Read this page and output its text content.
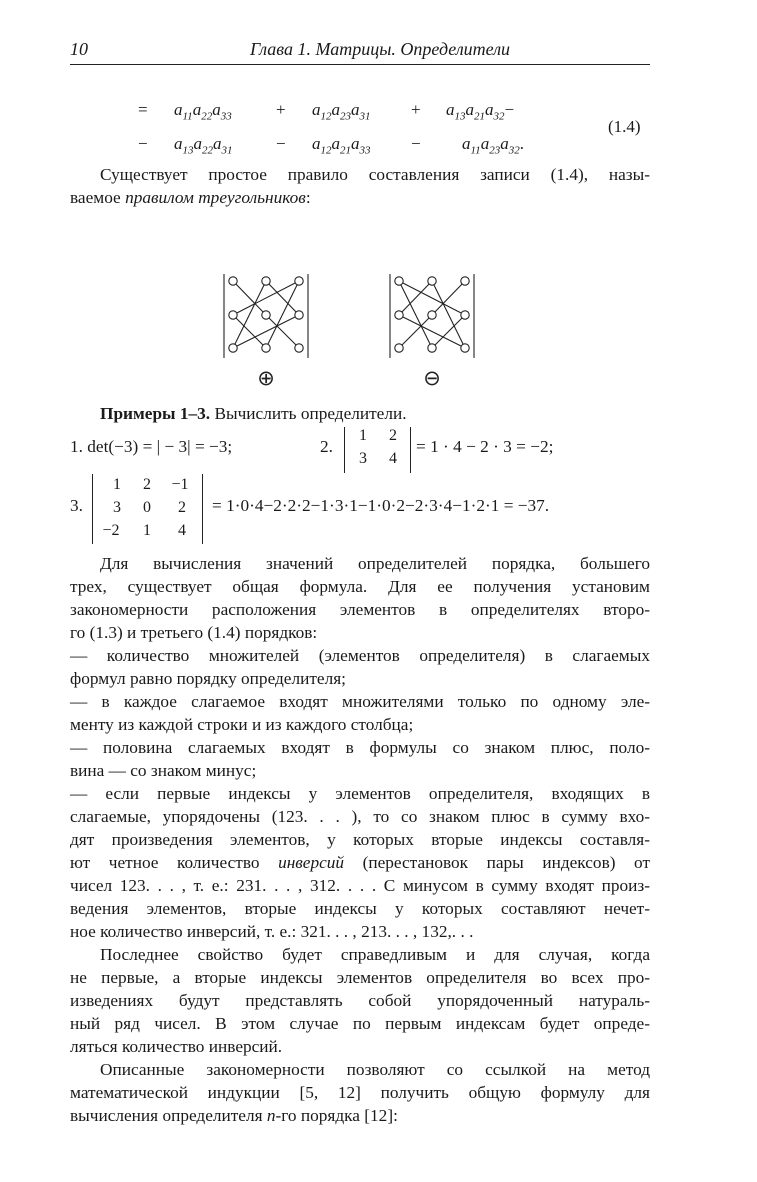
10	Глава 1. Матрицы. Определители
= $a_{11}a_{22}a_{33}$	+ $a_{12}a_{23}a_{31} + a_{13}a_{21}a_{32}-$
− $a_{13}a_{22}a_{31}$	− $a_{12}a_{21}a_{33} - a_{11}a_{23}a_{32}$.
(1.4)

Существует простое правило составления записи (1.4), назы-

ваемое правилом треугольников:

⊕	⊖
Примеры 1–3. Вычислить определители.
1. det(−3) = | − 3| = −3;	2.
1	2
3	4
= 1 · 4 − 2 · 3 = −2;
3.
1	2	−1
3	0	2
−2	1	4
= 1·0·4−2·2·2−1·3·1−1·0·2−2·3·4−1·2·1 = −37.

Для вычисления значений определителей порядка, большего

трех, существует общая формула. Для ее получения установим

закономерности расположения элементов в определителях второ-

го (1.3) и третьего (1.4) порядков:

— количество множителей (элементов определителя) в слагаемых

формул равно порядку определителя;

— в каждое слагаемое входят множителями только по одному эле-

менту из каждой строки и из каждого столбца;

— половина слагаемых входят в формулы со знаком плюс, поло-

вина — со знаком минус;

— если первые индексы у элементов определителя, входящих в

слагаемые, упорядочены (123. . . ), то со знаком плюс в сумму вхо-

дят произведения элементов, у которых вторые индексы составля-

ют четное количество инверсий (перестановок пары индексов) от

чисел 123. . . , т. е.: 231. . . , 312. . . . С минусом в сумму входят произ-

ведения элементов, вторые индексы у которых составляют нечет-

ное количество инверсий, т. е.: 321. . . , 213. . . , 132,. . .

Последнее свойство будет справедливым и для случая, когда

не первые, а вторые индексы элементов определителя во всех про-

изведениях будут представлять собой упорядоченный натураль-

ный ряд чисел. В этом случае по первым индексам будет опреде-

ляться количество инверсий.

Описанные закономерности позволяют со ссылкой на метод

математической индукции [5, 12] получить общую формулу для

вычисления определителя n-го порядка [12]:
